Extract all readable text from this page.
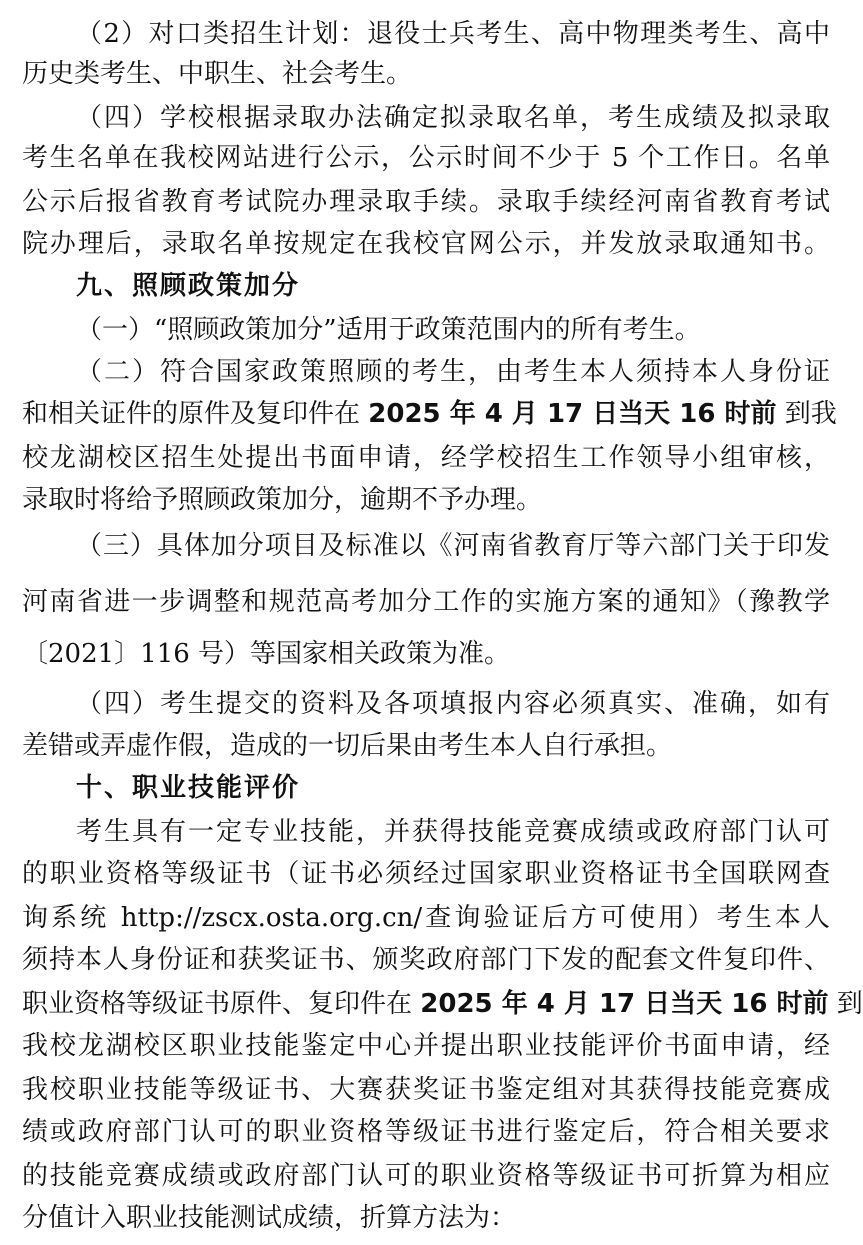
（2）对口类招生计划：退役士兵考生、高中物理类考生、高中
历史类考生、中职生、社会考生。
（四）学校根据录取办法确定拟录取名单，考生成绩及拟录取
考生名单在我校网站进行公示，公示时间不少于 5 个工作日。名单
公示后报省教育考试院办理录取手续。录取手续经河南省教育考试
院办理后，录取名单按规定在我校官网公示，并发放录取通知书。
九、照顾政策加分
（一）“照顾政策加分”适用于政策范围内的所有考生。
（二）符合国家政策照顾的考生，由考生本人须持本人身份证
和相关证件的原件及复印件在 2025 年 4 月 17 日当天 16 时前 到我
校龙湖校区招生处提出书面申请，经学校招生工作领导小组审核，
录取时将给予照顾政策加分，逾期不予办理。
（三）具体加分项目及标准以《河南省教育厅等六部门关于印发
河南省进一步调整和规范高考加分工作的实施方案的通知》（豫教学
〔2021〕116 号）等国家相关政策为准。
（四）考生提交的资料及各项填报内容必须真实、准确，如有
差错或弄虚作假，造成的一切后果由考生本人自行承担。
十、职业技能评价
考生具有一定专业技能，并获得技能竞赛成绩或政府部门认可
的职业资格等级证书（证书必须经过国家职业资格证书全国联网查
询系统 http://zscx.osta.org.cn/查询验证后方可使用）考生本人
须持本人身份证和获奖证书、颁奖政府部门下发的配套文件复印件、
职业资格等级证书原件、复印件在 2025 年 4 月 17 日当天 16 时前 到
我校龙湖校区职业技能鉴定中心并提出职业技能评价书面申请，经
我校职业技能等级证书、大赛获奖证书鉴定组对其获得技能竞赛成
绩或政府部门认可的职业资格等级证书进行鉴定后，符合相关要求
的技能竞赛成绩或政府部门认可的职业资格等级证书可折算为相应
分值计入职业技能测试成绩，折算方法为：
